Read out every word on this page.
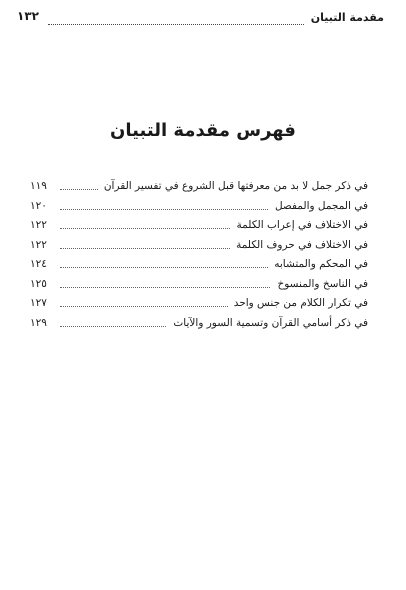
١٣٢	مقدمة التبيان
فهرس مقدمة التبيان
١١٩	في ذكر جمل لا بد من معرفتها قبل الشروع في تفسير القرآن
١٢٠	في المجمل والمفصل
١٢٢	في الاختلاف في إعراب الكلمة
١٢٢	في الاختلاف في حروف الكلمة
١٢٤	في المحكم والمتشابه
١٢٥	في الناسخ والمنسوخ
١٢٧	في تكرار الكلام من جنس واحد
١٢٩	في ذكر أسامي القرآن وتسمية السور والآيات
